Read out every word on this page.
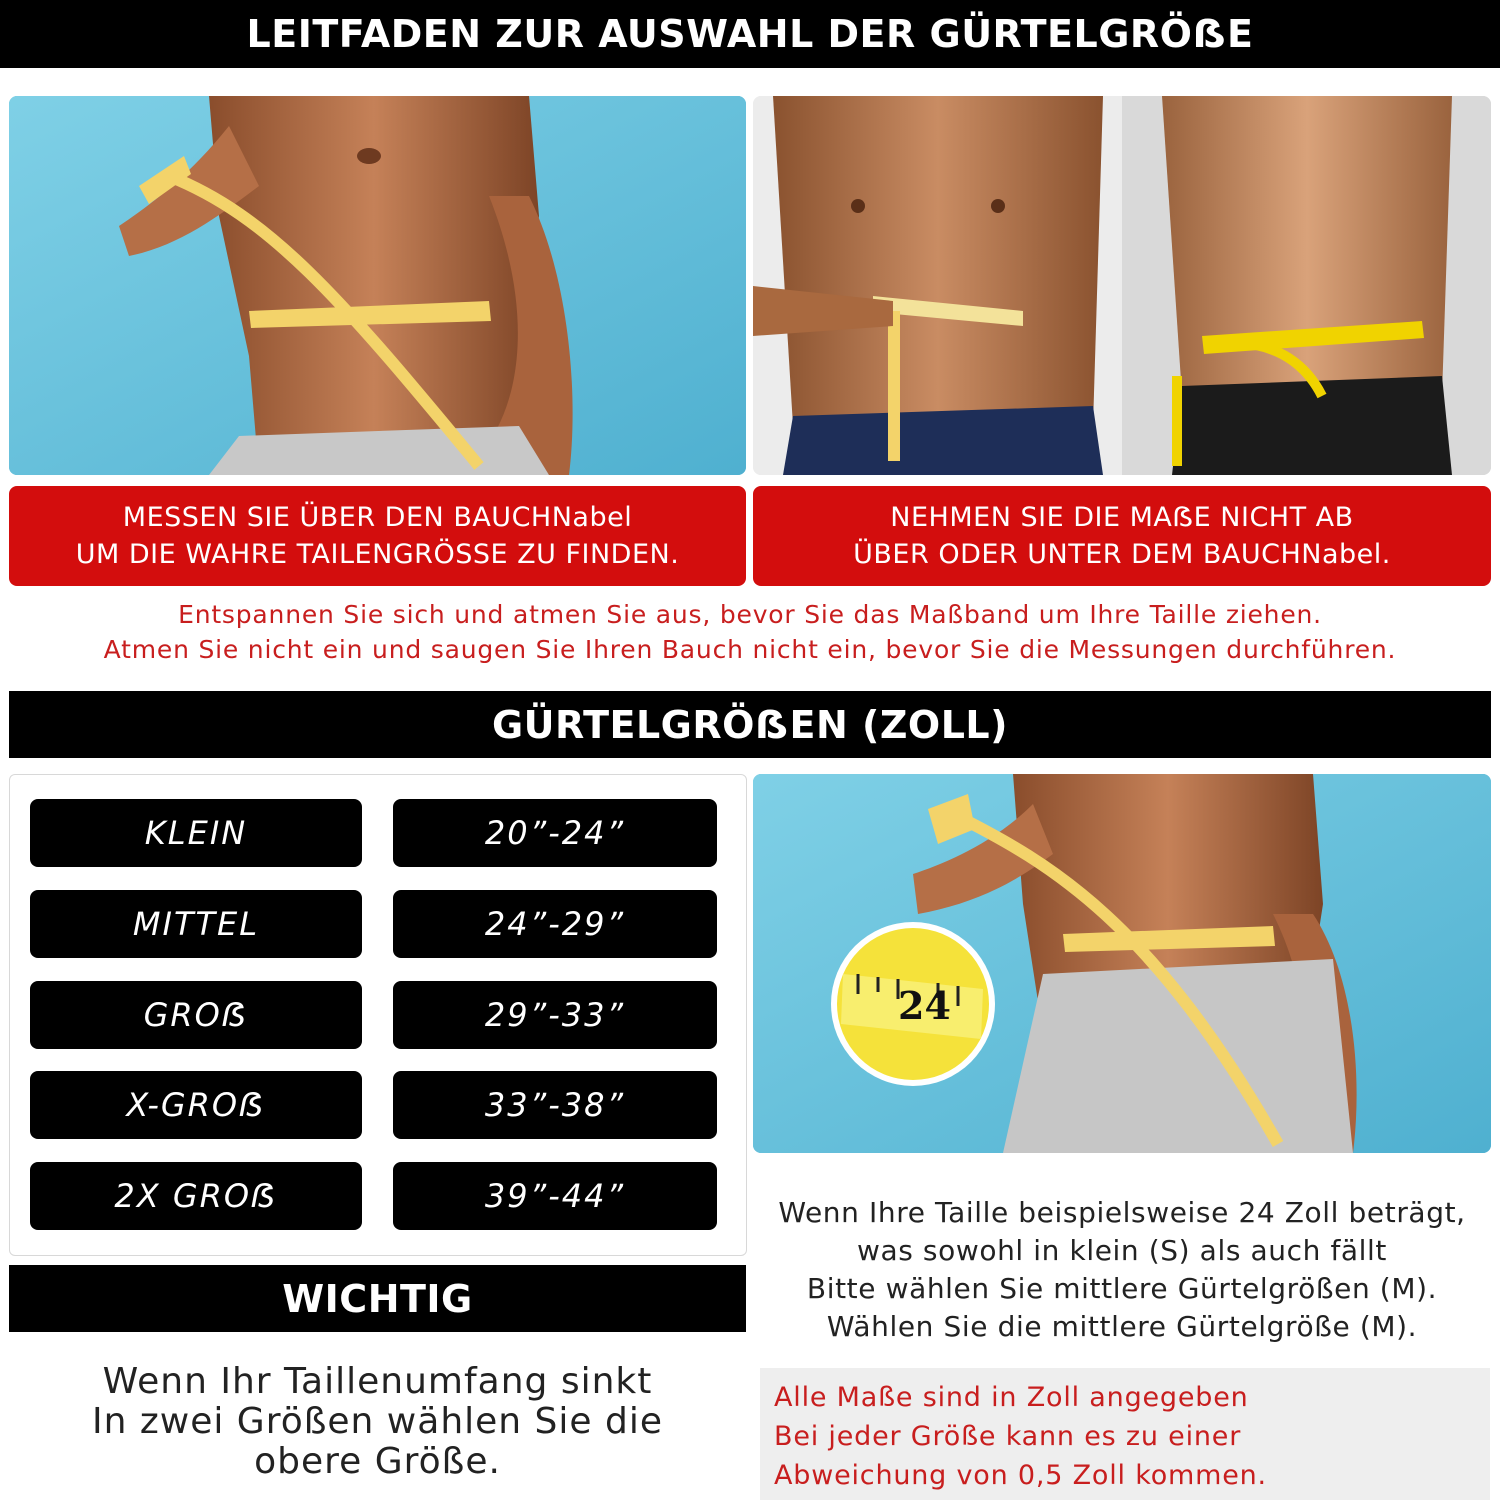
LEITFADEN ZUR AUSWAHL DER GÜRTELGRÖẞE
MESSEN SIE ÜBER DEN BAUCHNabel
UM DIE WAHRE TAILENGRÖSSE ZU FINDEN.
NEHMEN SIE DIE MAẞE NICHT AB
ÜBER ODER UNTER DEM BAUCHNabel.
Entspannen Sie sich und atmen Sie aus, bevor Sie das Maßband um Ihre Taille ziehen.
Atmen Sie nicht ein und saugen Sie Ihren Bauch nicht ein, bevor Sie die Messungen durchführen.
GÜRTELGRÖẞEN (ZOLL)
KLEIN	20”-24”
MITTEL	24”-29”
GROẞ	29”-33”
X-GROẞ	33”-38”
2X GROẞ	39”-44”
24
Wenn Ihre Taille beispielsweise 24 Zoll beträgt,
was sowohl in klein (S) als auch fällt
Bitte wählen Sie mittlere Gürtelgrößen (M).
Wählen Sie die mittlere Gürtelgröße (M).
WICHTIG
Wenn Ihr Taillenumfang sinkt
In zwei Größen wählen Sie die
obere Größe.
Alle Maße sind in Zoll angegeben
Bei jeder Größe kann es zu einer
Abweichung von 0,5 Zoll kommen.
